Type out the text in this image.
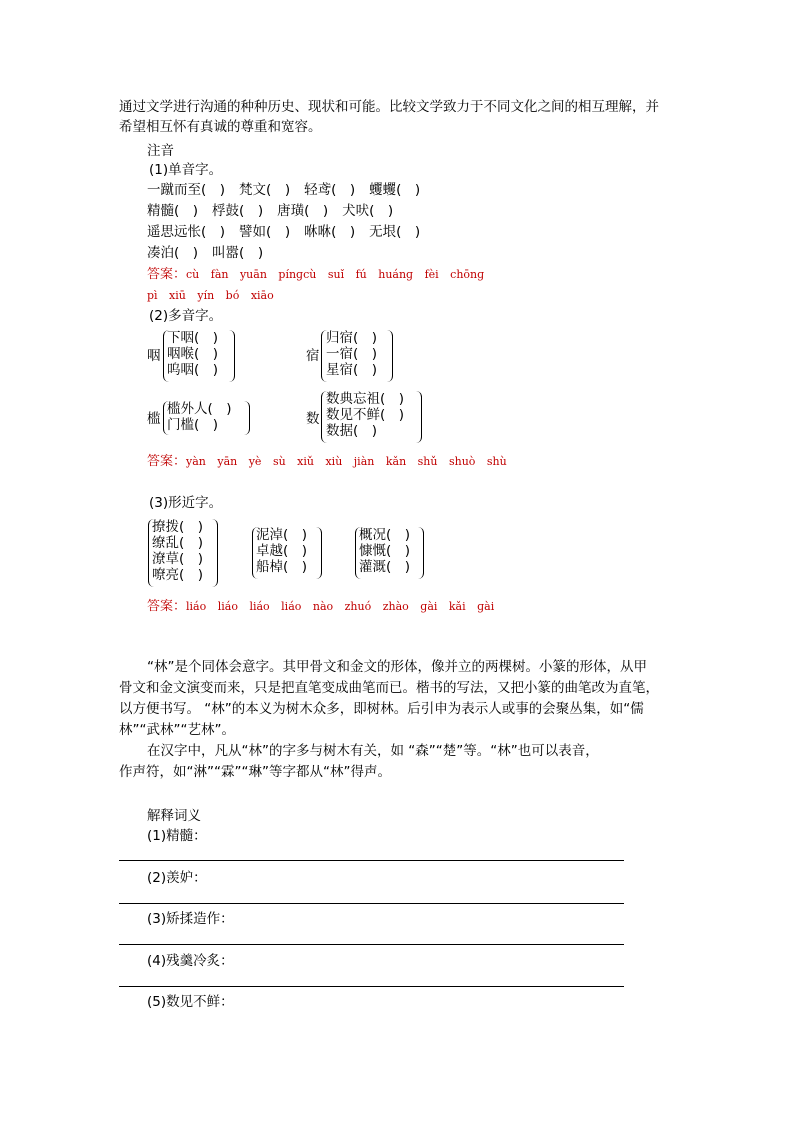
通过文学进行沟通的种种历史、现状和可能。比较文学致力于不同文化之间的相互理解，并
希望相互怀有真诚的尊重和宽容。
注音
(1)单音字。
一蹴而至(　) 梵文(　) 轻鸢(　) 蠼蠼(　)
精髓(　) 桴鼓(　) 唐璜(　) 犬吠(　)
遥思远怅(　) 譬如(　) 咻咻(　) 无垠(　)
凑泊(　) 叫嚣(　)
答案：cù fàn yuān pínɡcù suǐ fú huánɡ fèi chōnɡ
pì xiū yín bó xiāo
(2)多音字。
咽
下咽(　)
咽喉(　)
呜咽(　)
宿
归宿(　)
一宿(　)
星宿(　)
槛
槛外人(　)
门槛(　)	数
数典忘祖(　)
数见不鲜(　)
数据(　)
答案：yàn yān yè sù xiǔ xiù jiàn kǎn shǔ shuò shù
(3)形近字。
撩拨(　)
缭乱(　)
潦草(　)
嘹亮(　)
泥淖(　)
卓越(　)
船棹(　)
概况(　)
慷慨(　)
灌溉(　)
答案：liáo liáo liáo liáo nào zhuó zhào ɡài kǎi ɡài
“林”是个同体会意字。其甲骨文和金文的形体，像并立的两棵树。小篆的形体，从甲
骨文和金文演变而来，只是把直笔变成曲笔而已。楷书的写法，又把小篆的曲笔改为直笔，
以方便书写。 “林”的本义为树木众多，即树林。后引申为表示人或事的会聚丛集，如“儒
林”“武林”“艺林”。
在汉字中，凡从“林”的字多与树木有关，如 “森”“楚”等。“林”也可以表音，
作声符，如“淋”“霖”“琳”等字都从“林”得声。
解释词义
(1)精髓：
(2)羡妒：
(3)矫揉造作：
(4)残羹冷炙：
(5)数见不鲜：
